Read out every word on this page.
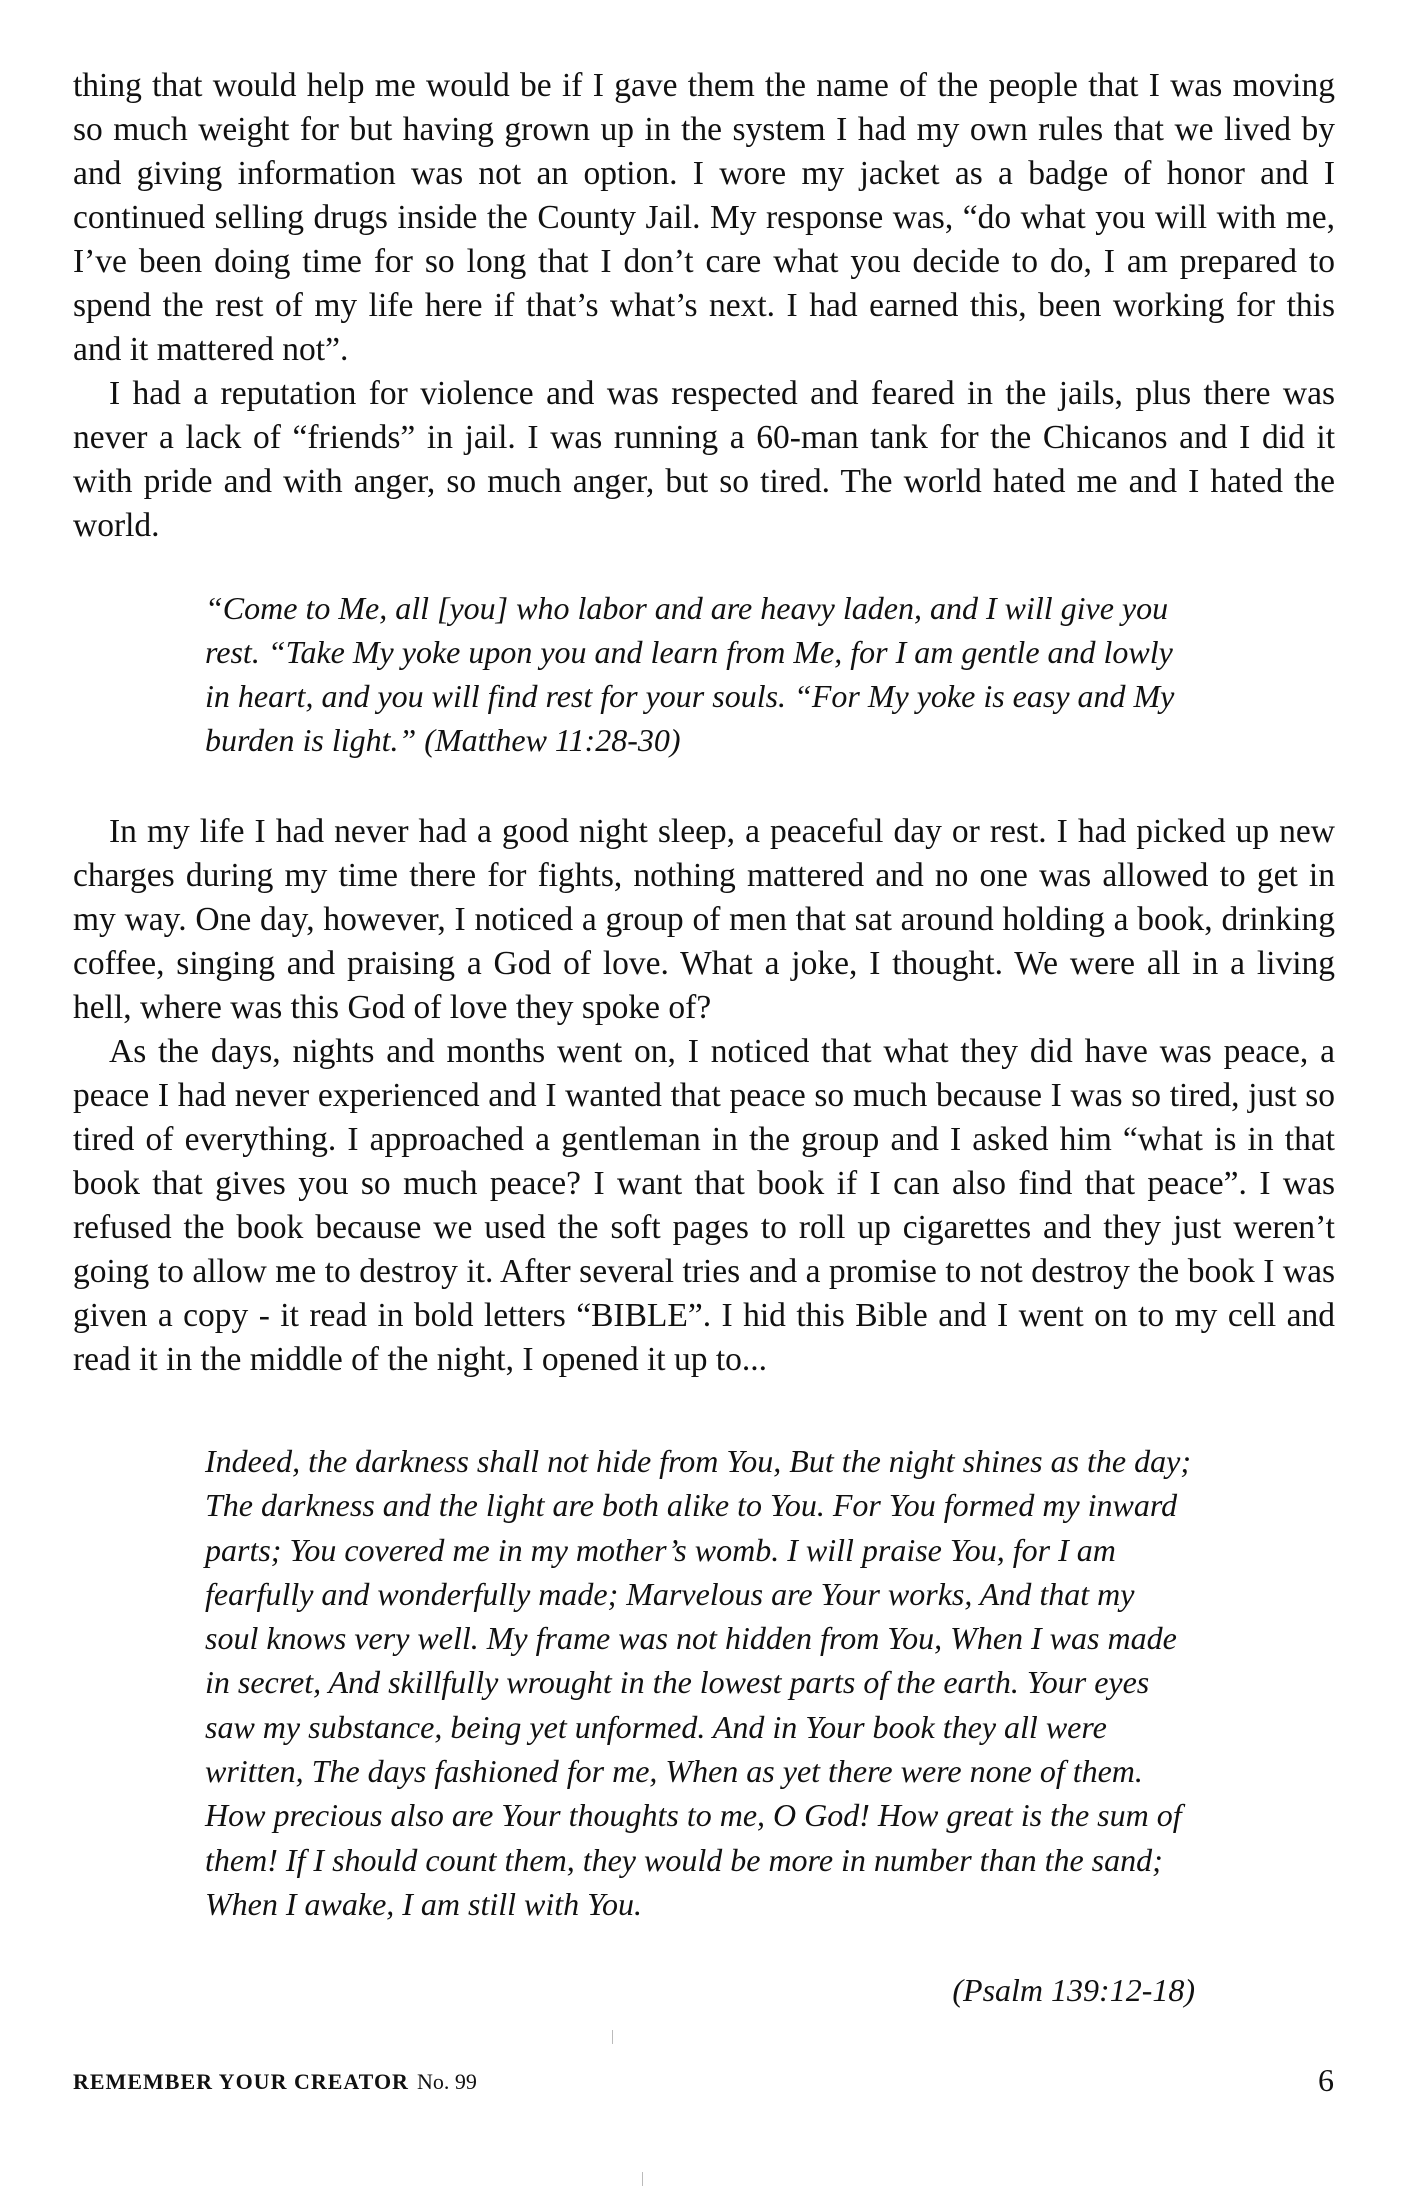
thing that would help me would be if I gave them the name of the people that I was moving so much weight for but having grown up in the system I had my own rules that we lived by and giving information was not an option. I wore my jacket as a badge of honor and I continued selling drugs inside the County Jail. My response was, “do what you will with me, I’ve been doing time for so long that I don’t care what you decide to do, I am prepared to spend the rest of my life here if that’s what’s next. I had earned this, been working for this and it mattered not”.

I had a reputation for violence and was respected and feared in the jails, plus there was never a lack of “friends” in jail. I was running a 60-man tank for the Chicanos and I did it with pride and with anger, so much anger, but so tired. The world hated me and I hated the world.

“Come to Me, all [you] who labor and are heavy laden, and I will give you rest. “Take My yoke upon you and learn from Me, for I am gentle and lowly in heart, and you will find rest for your souls. “For My yoke is easy and My burden is light.” (Matthew 11:28-30)

In my life I had never had a good night sleep, a peaceful day or rest. I had picked up new charges during my time there for fights, nothing mattered and no one was allowed to get in my way. One day, however, I noticed a group of men that sat around holding a book, drinking coffee, singing and praising a God of love. What a joke, I thought. We were all in a living hell, where was this God of love they spoke of?

As the days, nights and months went on, I noticed that what they did have was peace, a peace I had never experienced and I wanted that peace so much because I was so tired, just so tired of everything. I approached a gentleman in the group and I asked him “what is in that book that gives you so much peace? I want that book if I can also find that peace”. I was refused the book because we used the soft pages to roll up cigarettes and they just weren’t going to allow me to destroy it. After several tries and a promise to not destroy the book I was given a copy - it read in bold letters “BIBLE”. I hid this Bible and I went on to my cell and read it in the middle of the night, I opened it up to...

Indeed, the darkness shall not hide from You, But the night shines as the day; The darkness and the light are both alike to You. For You formed my inward parts; You covered me in my mother’s womb. I will praise You, for I am fearfully and wonderfully made; Marvelous are Your works, And that my soul knows very well. My frame was not hidden from You, When I was made in secret, And skillfully wrought in the lowest parts of the earth. Your eyes saw my substance, being yet unformed. And in Your book they all were written, The days fashioned for me, When as yet there were none of them. How precious also are Your thoughts to me, O God! How great is the sum of them! If I should count them, they would be more in number than the sand; When I awake, I am still with You.
(Psalm 139:12-18)
REMEMBER YOUR CREATOR No. 99	6
